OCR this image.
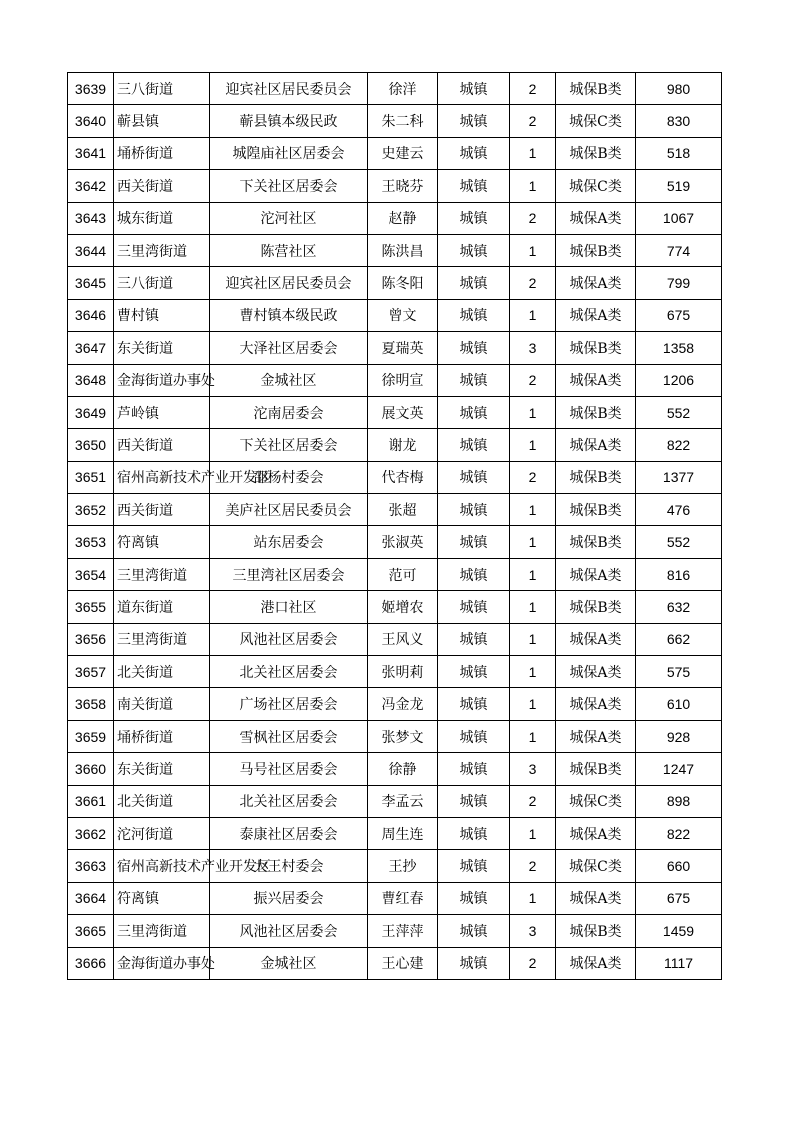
3639	三八街道	迎宾社区居民委员会	徐洋	城镇	2	城保B类	980
3640	蕲县镇	蕲县镇本级民政	朱二科	城镇	2	城保C类	830
3641	埇桥街道	城隍庙社区居委会	史建云	城镇	1	城保B类	518
3642	西关街道	下关社区居委会	王晓芬	城镇	1	城保C类	519
3643	城东街道	沱河社区	赵静	城镇	2	城保A类	1067
3644	三里湾街道	陈营社区	陈洪昌	城镇	1	城保B类	774
3645	三八街道	迎宾社区居民委员会	陈冬阳	城镇	2	城保A类	799
3646	曹村镇	曹村镇本级民政	曾文	城镇	1	城保A类	675
3647	东关街道	大泽社区居委会	夏瑞英	城镇	3	城保B类	1358
3648	金海街道办事处	金城社区	徐明宣	城镇	2	城保A类	1206
3649	芦岭镇	沱南居委会	展文英	城镇	1	城保B类	552
3650	西关街道	下关社区居委会	谢龙	城镇	1	城保A类	822
3651	宿州高新技术产业开发区	邵杨村委会	代杏梅	城镇	2	城保B类	1377
3652	西关街道	美庐社区居民委员会	张超	城镇	1	城保B类	476
3653	符离镇	站东居委会	张淑英	城镇	1	城保B类	552
3654	三里湾街道	三里湾社区居委会	范可	城镇	1	城保A类	816
3655	道东街道	港口社区	姬增农	城镇	1	城保B类	632
3656	三里湾街道	风池社区居委会	王风义	城镇	1	城保A类	662
3657	北关街道	北关社区居委会	张明莉	城镇	1	城保A类	575
3658	南关街道	广场社区居委会	冯金龙	城镇	1	城保A类	610
3659	埇桥街道	雪枫社区居委会	张梦文	城镇	1	城保A类	928
3660	东关街道	马号社区居委会	徐静	城镇	3	城保B类	1247
3661	北关街道	北关社区居委会	李孟云	城镇	2	城保C类	898
3662	沱河街道	泰康社区居委会	周生连	城镇	1	城保A类	822
3663	宿州高新技术产业开发区	大王村委会	王抄	城镇	2	城保C类	660
3664	符离镇	振兴居委会	曹红春	城镇	1	城保A类	675
3665	三里湾街道	风池社区居委会	王萍萍	城镇	3	城保B类	1459
3666	金海街道办事处	金城社区	王心建	城镇	2	城保A类	1117
